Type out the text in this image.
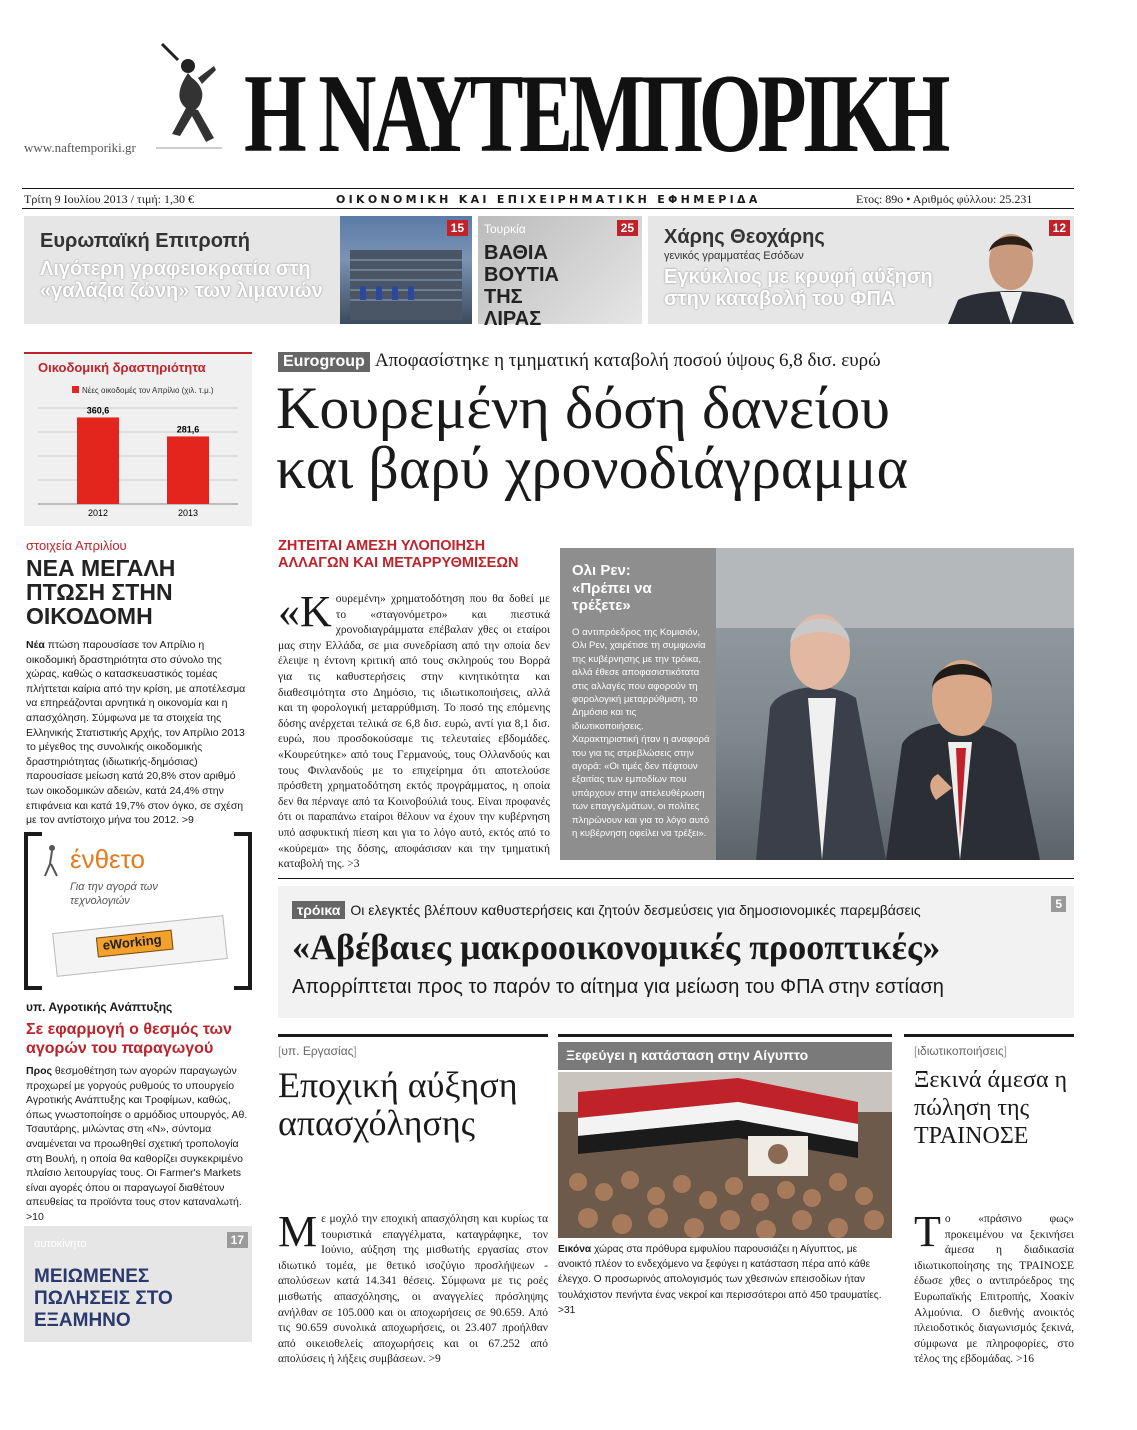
www.naftemporiki.gr Η ΝΑΥΤΕΜΠΟΡΙΚΗ
Τρίτη 9 Ιουλίου 2013 / τιμή: 1,30 €	ΟΙΚΟΝΟΜΙΚΗ ΚΑΙ ΕΠΙΧΕΙΡΗΜΑΤΙΚΗ ΕΦΗΜΕΡΙΔΑ	Ετος: 89ο • Αριθμός φύλλου: 25.231
Ευρωπαϊκή Επιτροπή
Λιγότερη γραφειοκρατία στη «γαλάζια ζώνη» των λιμανιών
15	Τουρκία
ΒΑΘΙΑ ΒΟΥΤΙΑ ΤΗΣ ΛΙΡΑΣ
25 Χάρης Θεοχάρης
γενικός γραμματέας Εσόδων
Εγκύκλιος με κρυφή αύξηση στην καταβολή του ΦΠΑ
12
Οικοδομική δραστηριότητα
Νέες οικοδομές τον Απρίλιο (χιλ. τ.μ.)
360,6
2012
281,6
2013
στοιχεία Απριλίου
ΝΕΑ ΜΕΓΑΛΗ ΠΤΩΣΗ ΣΤΗΝ ΟΙΚΟΔΟΜΗ

Νέα πτώση παρουσίασε τον Απρίλιο η οικοδομική δραστηριότητα στο σύνολο της χώρας, καθώς ο κατασκευαστικός τομέας πλήττεται καίρια από την κρίση, με αποτέλεσμα να επηρεάζονται αρνητικά η οικονομία και η απασχόληση. Σύμφωνα με τα στοιχεία της Ελληνικής Στατιστικής Αρχής, τον Απρίλιο 2013 το μέγεθος της συνολικής οικοδομικής δραστηριότητας (ιδιωτικής-δημόσιας) παρουσίασε μείωση κατά 20,8% στον αριθμό των οικοδομικών αδειών, κατά 24,4% στην επιφάνεια και κατά 19,7% στον όγκο, σε σχέση με τον αντίστοιχο μήνα του 2012. >9

ένθετο
Για την αγορά των τεχνολογιών
eWorking
υπ. Αγροτικής Ανάπτυξης
Σε εφαρμογή ο θεσμός των αγορών του παραγωγού

Προς θεσμοθέτηση των αγορών παραγωγών προχωρεί με γοργούς ρυθμούς το υπουργείο Αγροτικής Ανάπτυξης και Τροφίμων, καθώς, όπως γνωστοποίησε ο αρμόδιος υπουργός, Αθ. Τσαυτάρης, μιλώντας στη «Ν», σύντομα αναμένεται να προωθηθεί σχετική τροπολογία στη Βουλή, η οποία θα καθορίζει συγκεκριμένο πλαίσιο λειτουργίας τους. Οι Farmer's Markets είναι αγορές όπου οι παραγωγοί διαθέτουν απευθείας τα προϊόντα τους στον καταναλωτή. >10

αυτοκίνητο	17
ΜΕΙΩΜΕΝΕΣ ΠΩΛΗΣΕΙΣ ΣΤΟ ΕΞΑΜΗΝΟ
Eurogroup Αποφασίστηκε η τμηματική καταβολή ποσού ύψους 6,8 δισ. ευρώ
Κουρεμένη δόση δανείου
και βαρύ χρονοδιάγραμμα
ΖΗΤΕΙΤΑΙ ΑΜΕΣΗ ΥΛΟΠΟΙΗΣΗ ΑΛΛΑΓΩΝ ΚΑΙ ΜΕΤΑΡΡΥΘΜΙΣΕΩΝ

«Κουρεμένη» χρηματοδότηση που θα δοθεί με το «σταγονόμετρο» και πιεστικά χρονοδιαγράμματα επέβαλαν χθες οι εταίροι μας στην Ελλάδα, σε μια συνεδρίαση από την οποία δεν έλειψε η έντονη κριτική από τους σκληρούς του Βορρά για τις καθυστερήσεις στην κινητικότητα και διαθεσιμότητα στο Δημόσιο, τις ιδιωτικοποιήσεις, αλλά και τη φορολογική μεταρρύθμιση. Το ποσό της επόμενης δόσης ανέρχεται τελικά σε 6,8 δισ. ευρώ, αντί για 8,1 δισ. ευρώ, που προσδοκούσαμε τις τελευταίες εβδομάδες. «Κουρεύτηκε» από τους Γερμανούς, τους Ολλανδούς και τους Φινλανδούς με το επιχείρημα ότι αποτελούσε πρόσθετη χρηματοδότηση εκτός προγράμματος, η οποία δεν θα πέρναγε από τα Κοινοβούλιά τους. Είναι προφανές ότι οι παραπάνω εταίροι θέλουν να έχουν την κυβέρνηση υπό ασφυκτική πίεση και για το λόγο αυτό, εκτός από το «κούρεμα» της δόσης, αποφάσισαν και την τμηματική καταβολή της. >3

Ολι Ρεν:
«Πρέπει να τρέξετε»
Ο αντιπρόεδρος της Κομισιόν, Ολι Ρεν, χαιρέτισε τη συμφωνία της κυβέρνησης με την τρόικα, αλλά έθεσε αποφασιστικότατα στις αλλαγές που αφορούν τη φορολογική μεταρρύθμιση, το Δημόσιο και τις ιδιωτικοποιήσεις. Χαρακτηριστική ήταν η αναφορά του για τις στρεβλώσεις στην αγορά: «Οι τιμές δεν πέφτουν εξαιτίας των εμποδίων που υπάρχουν στην απελευθέρωση των επαγγελμάτων, οι πολίτες πληρώνουν και για το λόγο αυτό η κυβέρνηση οφείλει να τρέξει».
τρόικα Οι ελεγκτές βλέπουν καθυστερήσεις και ζητούν δεσμεύσεις για δημοσιονομικές παρεμβάσεις	5
«Αβέβαιες μακροοικονομικές προοπτικές»
Απορρίπτεται προς το παρόν το αίτημα για μείωση του ΦΠΑ στην εστίαση
[υπ. Εργασίας]
Εποχική αύξηση απασχόλησης

Με μοχλό την εποχική απασχόληση και κυρίως τα τουριστικά επαγγέλματα, καταγράφηκε, τον Ιούνιο, αύξηση της μισθωτής εργασίας στον ιδιωτικό τομέα, με θετικό ισοζύγιο προσλήψεων - απολύσεων κατά 14.341 θέσεις. Σύμφωνα με τις ροές μισθωτής απασχόλησης, οι αναγγελίες πρόσληψης ανήλθαν σε 105.000 και οι αποχωρήσεις σε 90.659. Από τις 90.659 συνολικά αποχωρήσεις, οι 23.407 προήλθαν από οικειοθελείς αποχωρήσεις και οι 67.252 από απολύσεις ή λήξεις συμβάσεων. >9

Ξεφεύγει η κατάσταση στην Αίγυπτο

Εικόνα χώρας στα πρόθυρα εμφυλίου παρουσιάζει η Αίγυπτος, με ανοικτό πλέον το ενδεχόμενο να ξεφύγει η κατάσταση πέρα από κάθε έλεγχο. Ο προσωρινός απολογισμός των χθεσινών επεισοδίων ήταν τουλάχιστον πενήντα ένας νεκροί και περισσότεροι από 450 τραυματίες. >31

[ιδιωτικοποιήσεις]
Ξεκινά άμεσα η πώληση της ΤΡΑΙΝΟΣΕ

Το «πράσινο φως» προκειμένου να ξεκινήσει άμεσα η διαδικασία ιδιωτικοποίησης της ΤΡΑΙΝΟΣΕ έδωσε χθες ο αντιπρόεδρος της Ευρωπαϊκής Επιτροπής, Χοακίν Αλμούνια. Ο διεθνής ανοικτός πλειοδοτικός διαγωνισμός ξεκινά, σύμφωνα με πληροφορίες, στο τέλος της εβδομάδας. >16
